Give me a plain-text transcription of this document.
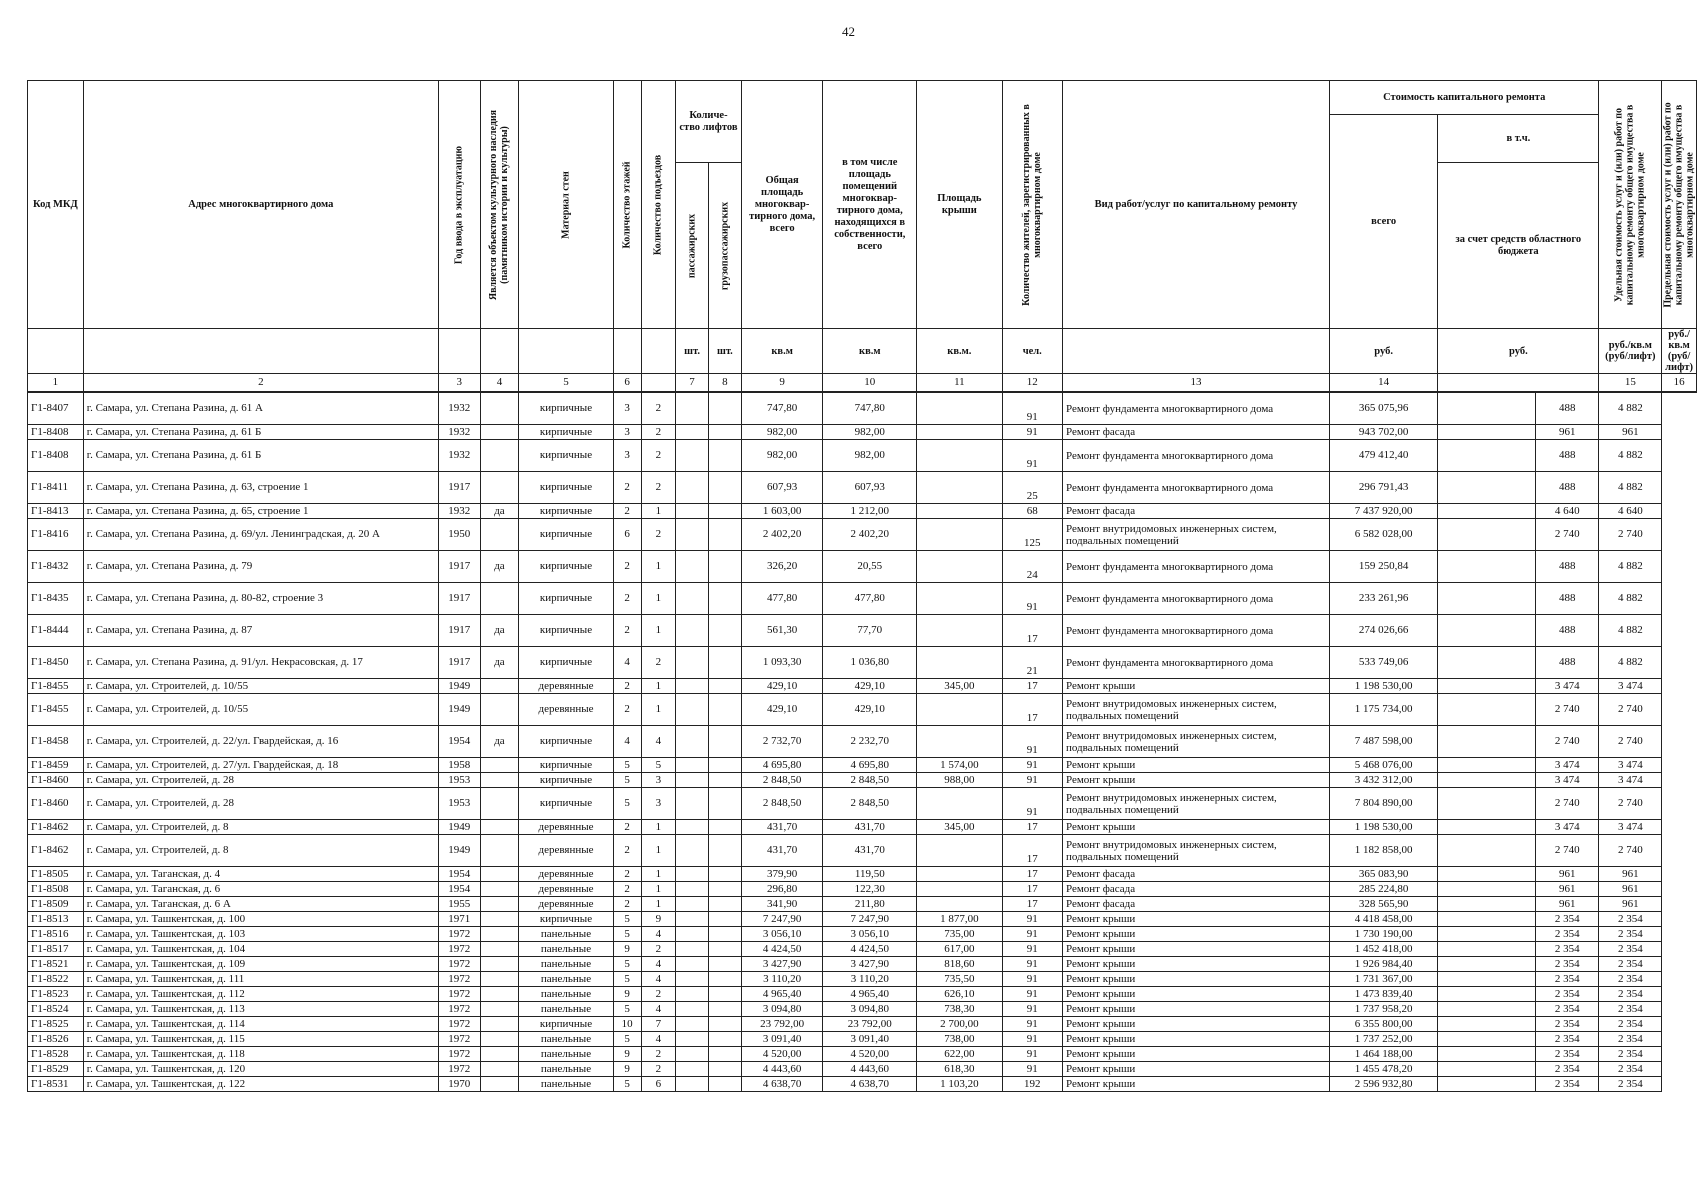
42
Код МКД	Адрес многоквартирного дома	Год ввода в эксплуатацию	Является объектом культурного наследия (памятником истории и культуры)	Материал стен	Количество этажей	Количество подъездов	Количе-ство лифтов		Общая площадь многоквар-тирного дома, всего	в том числе площадь помещений многоквар-тирного дома, находящихся в собственности, всего	Площадь крыши	Количество жителей, зарегистрированных в многоквартирном доме	Вид работ/услуг по капитальному ремонту	Стоимость капитального ремонта			Удельная стоимость услуг и (или) работ по капитальному ремонту общего имущества в многоквартирном доме	Предельная стоимость услуг и (или) работ по капитальному ремонту общего имущества в многоквартирном доме

														всего	в т.ч.			

							пассажирских	грузопассажирских							за счет средств областного бюджета			
							шт.	шт.	кв.м	кв.м	кв.м.	чел.		руб.	руб.		руб./кв.м (руб/лифт)	руб./кв.м (руб/лифт)
1	2	3	4	5	6		7	8	9	10	11	12	13	14			15	16
Г1-8407	г. Самара, ул. Степана Разина, д. 61 А	1932		кирпичные	3	2			747,80	747,80		91	Ремонт фундамента многоквартирного дома	365 075,96		488	4 882	
Г1-8408	г. Самара, ул. Степана Разина, д. 61 Б	1932		кирпичные	3	2			982,00	982,00		91	Ремонт фасада	943 702,00		961	961	
Г1-8408	г. Самара, ул. Степана Разина, д. 61 Б	1932		кирпичные	3	2			982,00	982,00		91	Ремонт фундамента многоквартирного дома	479 412,40		488	4 882	
Г1-8411	г. Самара, ул. Степана Разина, д. 63, строение 1	1917		кирпичные	2	2			607,93	607,93		25	Ремонт фундамента многоквартирного дома	296 791,43		488	4 882	
Г1-8413	г. Самара, ул. Степана Разина, д. 65, строение 1	1932	да	кирпичные	2	1			1 603,00	1 212,00		68	Ремонт фасада	7 437 920,00		4 640	4 640	
Г1-8416	г. Самара, ул. Степана Разина, д. 69/ул. Ленинградская, д. 20 А	1950		кирпичные	6	2			2 402,20	2 402,20		125	Ремонт внутридомовых инженерных систем, подвальных помещений	6 582 028,00		2 740	2 740	
Г1-8432	г. Самара, ул. Степана Разина, д. 79	1917	да	кирпичные	2	1			326,20	20,55		24	Ремонт фундамента многоквартирного дома	159 250,84		488	4 882	
Г1-8435	г. Самара, ул. Степана Разина, д. 80-82, строение 3	1917		кирпичные	2	1			477,80	477,80		91	Ремонт фундамента многоквартирного дома	233 261,96		488	4 882	
Г1-8444	г. Самара, ул. Степана Разина, д. 87	1917	да	кирпичные	2	1			561,30	77,70		17	Ремонт фундамента многоквартирного дома	274 026,66		488	4 882	
Г1-8450	г. Самара, ул. Степана Разина, д. 91/ул. Некрасовская, д. 17	1917	да	кирпичные	4	2			1 093,30	1 036,80		21	Ремонт фундамента многоквартирного дома	533 749,06		488	4 882	
Г1-8455	г. Самара, ул. Строителей, д. 10/55	1949		деревянные	2	1			429,10	429,10	345,00	17	Ремонт крыши	1 198 530,00		3 474	3 474	
Г1-8455	г. Самара, ул. Строителей, д. 10/55	1949		деревянные	2	1			429,10	429,10		17	Ремонт внутридомовых инженерных систем, подвальных помещений	1 175 734,00		2 740	2 740	
Г1-8458	г. Самара, ул. Строителей, д. 22/ул. Гвардейская, д. 16	1954	да	кирпичные	4	4			2 732,70	2 232,70		91	Ремонт внутридомовых инженерных систем, подвальных помещений	7 487 598,00		2 740	2 740	
Г1-8459	г. Самара, ул. Строителей, д. 27/ул. Гвардейская, д. 18	1958		кирпичные	5	5			4 695,80	4 695,80	1 574,00	91	Ремонт крыши	5 468 076,00		3 474	3 474	
Г1-8460	г. Самара, ул. Строителей, д. 28	1953		кирпичные	5	3			2 848,50	2 848,50	988,00	91	Ремонт крыши	3 432 312,00		3 474	3 474	
Г1-8460	г. Самара, ул. Строителей, д. 28	1953		кирпичные	5	3			2 848,50	2 848,50		91	Ремонт внутридомовых инженерных систем, подвальных помещений	7 804 890,00		2 740	2 740	
Г1-8462	г. Самара, ул. Строителей, д. 8	1949		деревянные	2	1			431,70	431,70	345,00	17	Ремонт крыши	1 198 530,00		3 474	3 474	
Г1-8462	г. Самара, ул. Строителей, д. 8	1949		деревянные	2	1			431,70	431,70		17	Ремонт внутридомовых инженерных систем, подвальных помещений	1 182 858,00		2 740	2 740	
Г1-8505	г. Самара, ул. Таганская, д. 4	1954		деревянные	2	1			379,90	119,50		17	Ремонт фасада	365 083,90		961	961	
Г1-8508	г. Самара, ул. Таганская, д. 6	1954		деревянные	2	1			296,80	122,30		17	Ремонт фасада	285 224,80		961	961	
Г1-8509	г. Самара, ул. Таганская, д. 6 А	1955		деревянные	2	1			341,90	211,80		17	Ремонт фасада	328 565,90		961	961	
Г1-8513	г. Самара, ул. Ташкентская, д. 100	1971		кирпичные	5	9			7 247,90	7 247,90	1 877,00	91	Ремонт крыши	4 418 458,00		2 354	2 354	
Г1-8516	г. Самара, ул. Ташкентская, д. 103	1972		панельные	5	4			3 056,10	3 056,10	735,00	91	Ремонт крыши	1 730 190,00		2 354	2 354	
Г1-8517	г. Самара, ул. Ташкентская, д. 104	1972		панельные	9	2			4 424,50	4 424,50	617,00	91	Ремонт крыши	1 452 418,00		2 354	2 354	
Г1-8521	г. Самара, ул. Ташкентская, д. 109	1972		панельные	5	4			3 427,90	3 427,90	818,60	91	Ремонт крыши	1 926 984,40		2 354	2 354	
Г1-8522	г. Самара, ул. Ташкентская, д. 111	1972		панельные	5	4			3 110,20	3 110,20	735,50	91	Ремонт крыши	1 731 367,00		2 354	2 354	
Г1-8523	г. Самара, ул. Ташкентская, д. 112	1972		панельные	9	2			4 965,40	4 965,40	626,10	91	Ремонт крыши	1 473 839,40		2 354	2 354	
Г1-8524	г. Самара, ул. Ташкентская, д. 113	1972		панельные	5	4			3 094,80	3 094,80	738,30	91	Ремонт крыши	1 737 958,20		2 354	2 354	
Г1-8525	г. Самара, ул. Ташкентская, д. 114	1972		кирпичные	10	7			23 792,00	23 792,00	2 700,00	91	Ремонт крыши	6 355 800,00		2 354	2 354	
Г1-8526	г. Самара, ул. Ташкентская, д. 115	1972		панельные	5	4			3 091,40	3 091,40	738,00	91	Ремонт крыши	1 737 252,00		2 354	2 354	
Г1-8528	г. Самара, ул. Ташкентская, д. 118	1972		панельные	9	2			4 520,00	4 520,00	622,00	91	Ремонт крыши	1 464 188,00		2 354	2 354	
Г1-8529	г. Самара, ул. Ташкентская, д. 120	1972		панельные	9	2			4 443,60	4 443,60	618,30	91	Ремонт крыши	1 455 478,20		2 354	2 354	
Г1-8531	г. Самара, ул. Ташкентская, д. 122	1970		панельные	5	6			4 638,70	4 638,70	1 103,20	192	Ремонт крыши	2 596 932,80		2 354	2 354	
